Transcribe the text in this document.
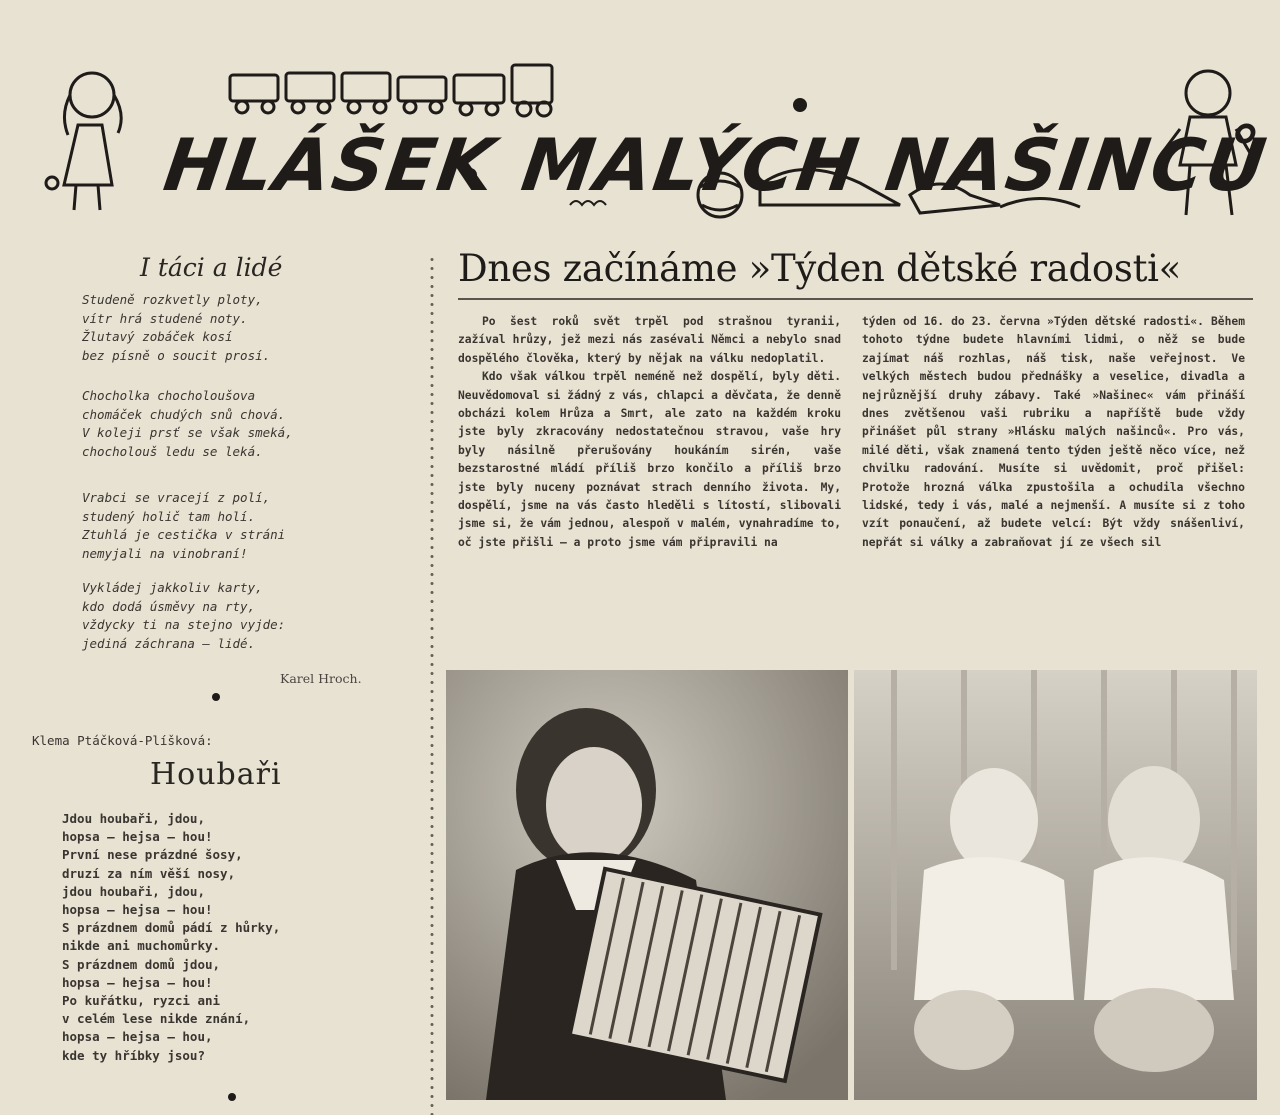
HLÁŠEK MALÝCH NAŠINCŮ
I táci a lidé
Studeně rozkvetly ploty,
vítr hrá studené noty.
Žlutavý zobáček kosí
bez písně o soucit prosí.
Chocholka chocholoušova
chomáček chudých snů chová.
V koleji prsť se však smeká,
chocholouš ledu se leká.
Vrabci se vracejí z polí,
studený holič tam holí.
Ztuhlá je cestička v stráni
nemyjali na vinobraní!
Vykládej jakkoliv karty,
kdo dodá úsměvy na rty,
vždycky ti na stejno vyjde:
jediná záchrana — lidé.
Karel Hroch.
Klema Ptáčková-Plíšková:
Houbaři
Jdou houbaři, jdou,
hopsa — hejsa — hou!
První nese prázdné šosy,
druzí za ním věší nosy,
jdou houbaři, jdou,
hopsa — hejsa — hou!
S prázdnem domů pádí z hůrky,
nikde ani muchomůrky.
S prázdnem domů jdou,
hopsa — hejsa — hou!
Po kuřátku, ryzci ani
v celém lese nikde znání,
hopsa — hejsa — hou,
kde ty hříbky jsou?
Dnes začínáme »Týden dětské radosti«

Po šest roků svět trpěl pod strašnou tyranii, zažíval hrůzy, jež mezi nás zasévali Němci a nebylo snad dospělého člověka, který by nějak na válku nedoplatil.

Kdo však válkou trpěl neméně než dospělí, byly děti. Neuvědomoval si žádný z vás, chlapci a děvčata, že denně obcházi kolem Hrůza a Smrt, ale zato na každém kroku jste byly zkracovány nedostatečnou stravou, vaše hry byly násilně přerušovány houkáním sirén, vaše bezstarostné mládí příliš brzo končilo a příliš brzo jste byly nuceny poznávat strach denního života. My, dospělí, jsme na vás často hleděli s lítostí, slibovali jsme si, že vám jednou, alespoň v malém, vynahradíme to, oč jste přišli — a proto jsme vám připravili na

týden od 16. do 23. června »Týden dětské radosti«. Během tohoto týdne budete hlavními lidmi, o něž se bude zajímat náš rozhlas, náš tisk, naše veřejnost. Ve velkých městech budou přednášky a veselice, divadla a nejrůznější druhy zábavy. Také »Našinec« vám přináší dnes zvětšenou vaši rubriku a napříště bude vždy přinášet půl strany »Hlásku malých našinců«. Pro vás, milé děti, však znamená tento týden ještě něco více, než chvilku radování. Musíte si uvědomit, proč přišel: Protože hrozná válka zpustošila a ochudila všechno lidské, tedy i vás, malé a nejmenší. A musíte si z toho vzít ponaučení, až budete velcí: Být vždy snášenliví, nepřát si války a zabraňovat jí ze všech sil
